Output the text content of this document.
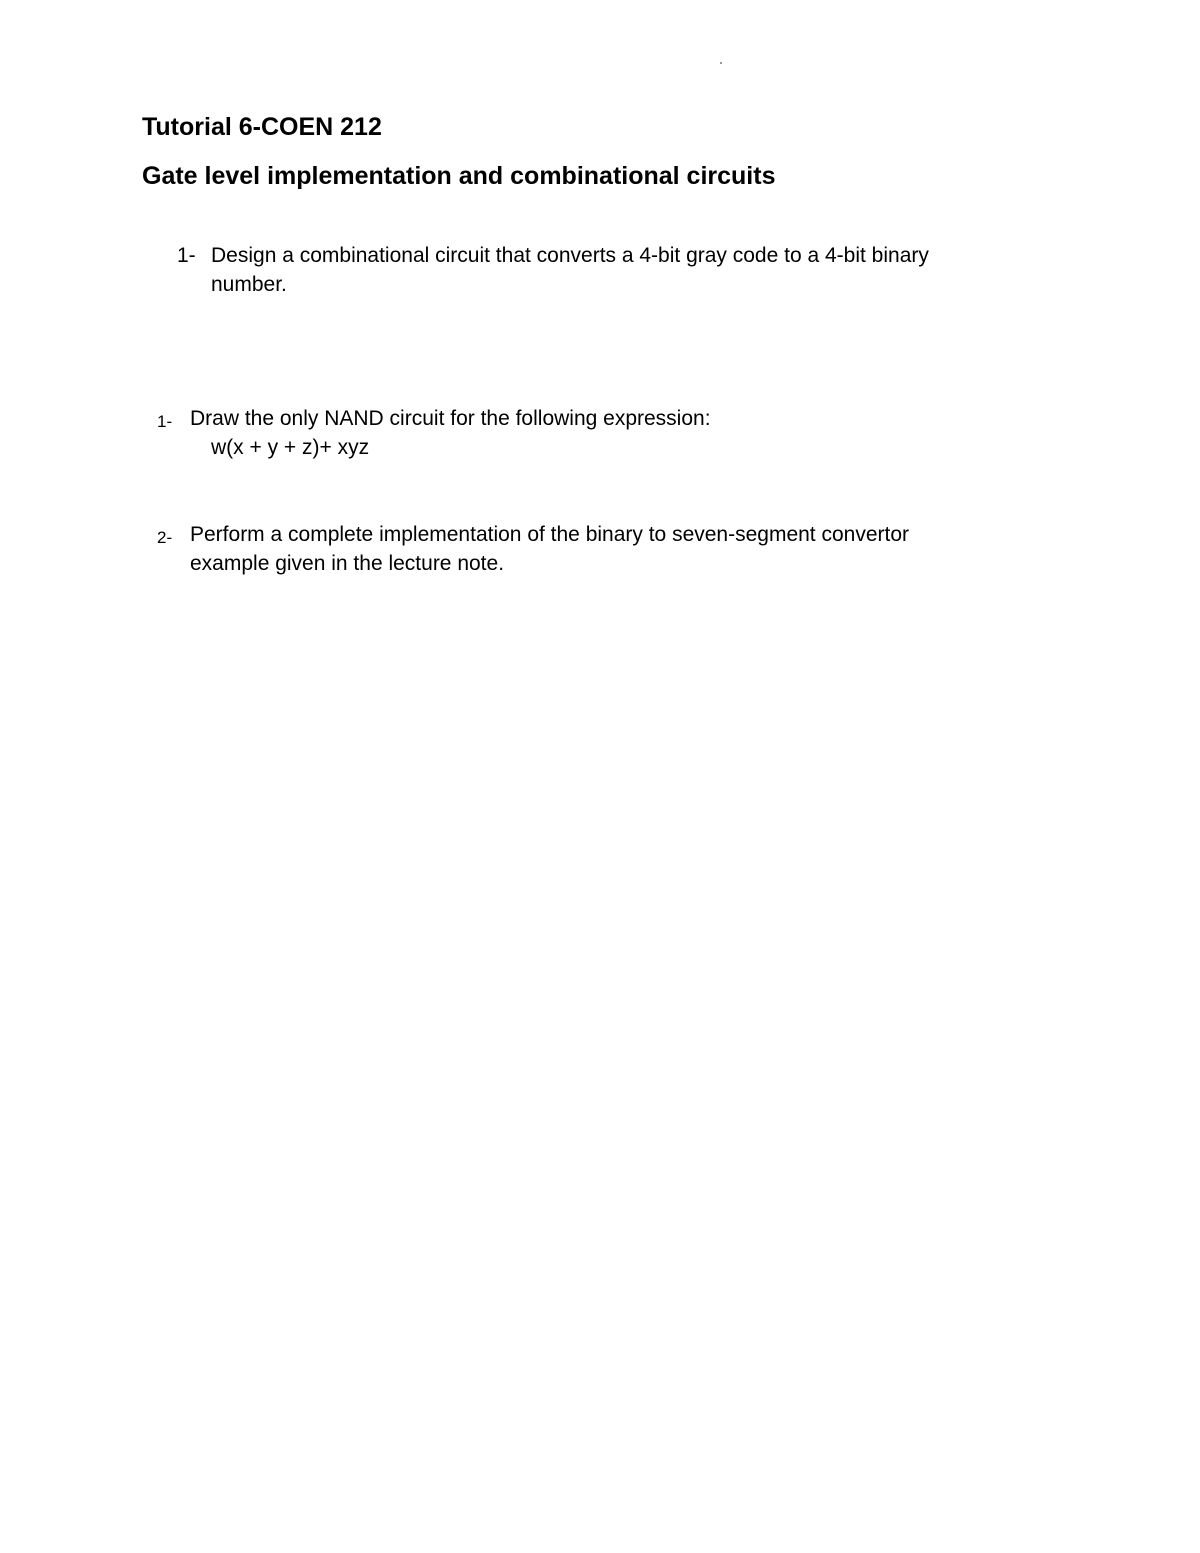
Tutorial 6-COEN 212
Gate level implementation and combinational circuits
1- Design a combinational circuit that converts a 4-bit gray code to a 4-bit binary
number.
1- Draw the only NAND circuit for the following expression:
w(x + y + z)+ xyz
2- Perform a complete implementation of the binary to seven-segment convertor
example given in the lecture note.
